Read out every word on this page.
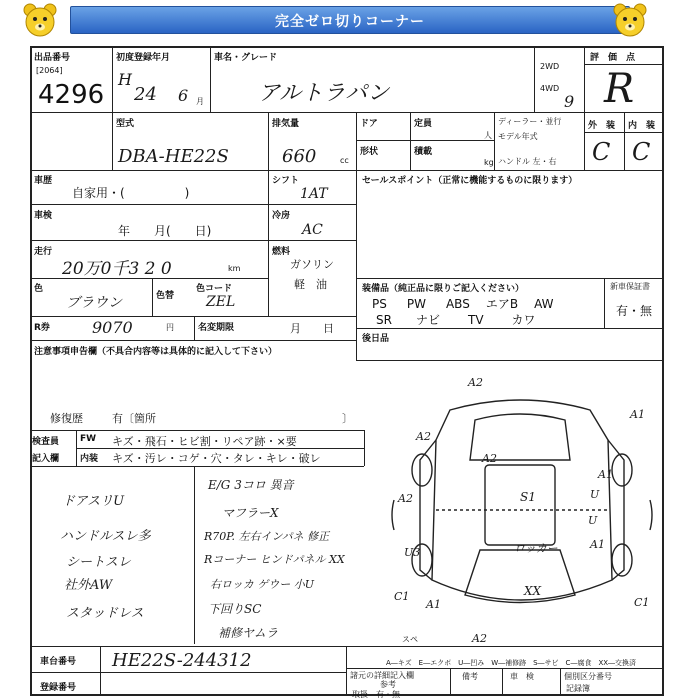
完全ゼロ切りコーナー
出品番号
[2064]
4296
初度登録年月
H
24 6 月
車名・グレード
アルトラパン
2WD
4WD
9
評　価　点
R
型式
DBA-HE22S
排気量
660	cc
ドア
形状
定員
人
積載
kg
ディーラー・並行
モデル年式
ハンドル 左・右
外　装 内　装
C C
車歴
自家用・(　　　　　)
シフト
1AT
セールスポイント（正常に機能するものに限ります）
車検
年　　月(　　日)
冷房
AC
走行
20万0千3 2 0	km
燃料
ガソリン
軽　油
色
ブラウン	色替
色コード
ZEL
装備品（純正品に限りご記入ください）	新車保証書
有・無
PS PW ABS エアB AW
SR ナビ TV カワ
R券	9070	円	名変期限	月　　日
後日品
注意事項申告欄（不具合内容等は具体的に記入して下さい）
修復歴	有〔箇所	〕
検査員
記入欄
FW キズ・飛石・ヒビ割・リペア跡・×要
内装 キズ・汚レ・コゲ・穴・タレ・キレ・破レ
ドアスリU
ハンドルスレ多
シートスレ
社外AW
スタッドレス
E/G 3コロ 異音
マフラーX
R70P. 左右インパネ 修正
Rコーナー ヒンドパネル XX
右ロッカ ゲウー 小U
下回りSC
補修ヤムラ
A2
A1
A2
A1
A2	S1
U3
A1
C1
A1
XX
C1
A2
A2
スペ
U
U
ロッカー
車台番号 HE22S-244312
登録番号
A―キズ　E―エクボ　U―凹み　W―補修跡　S―サビ　C―腐食　XX―交換済
諸元の詳細記入欄
参考
取扱 有・無
備考	車　検	個別区分番号
記録簿
